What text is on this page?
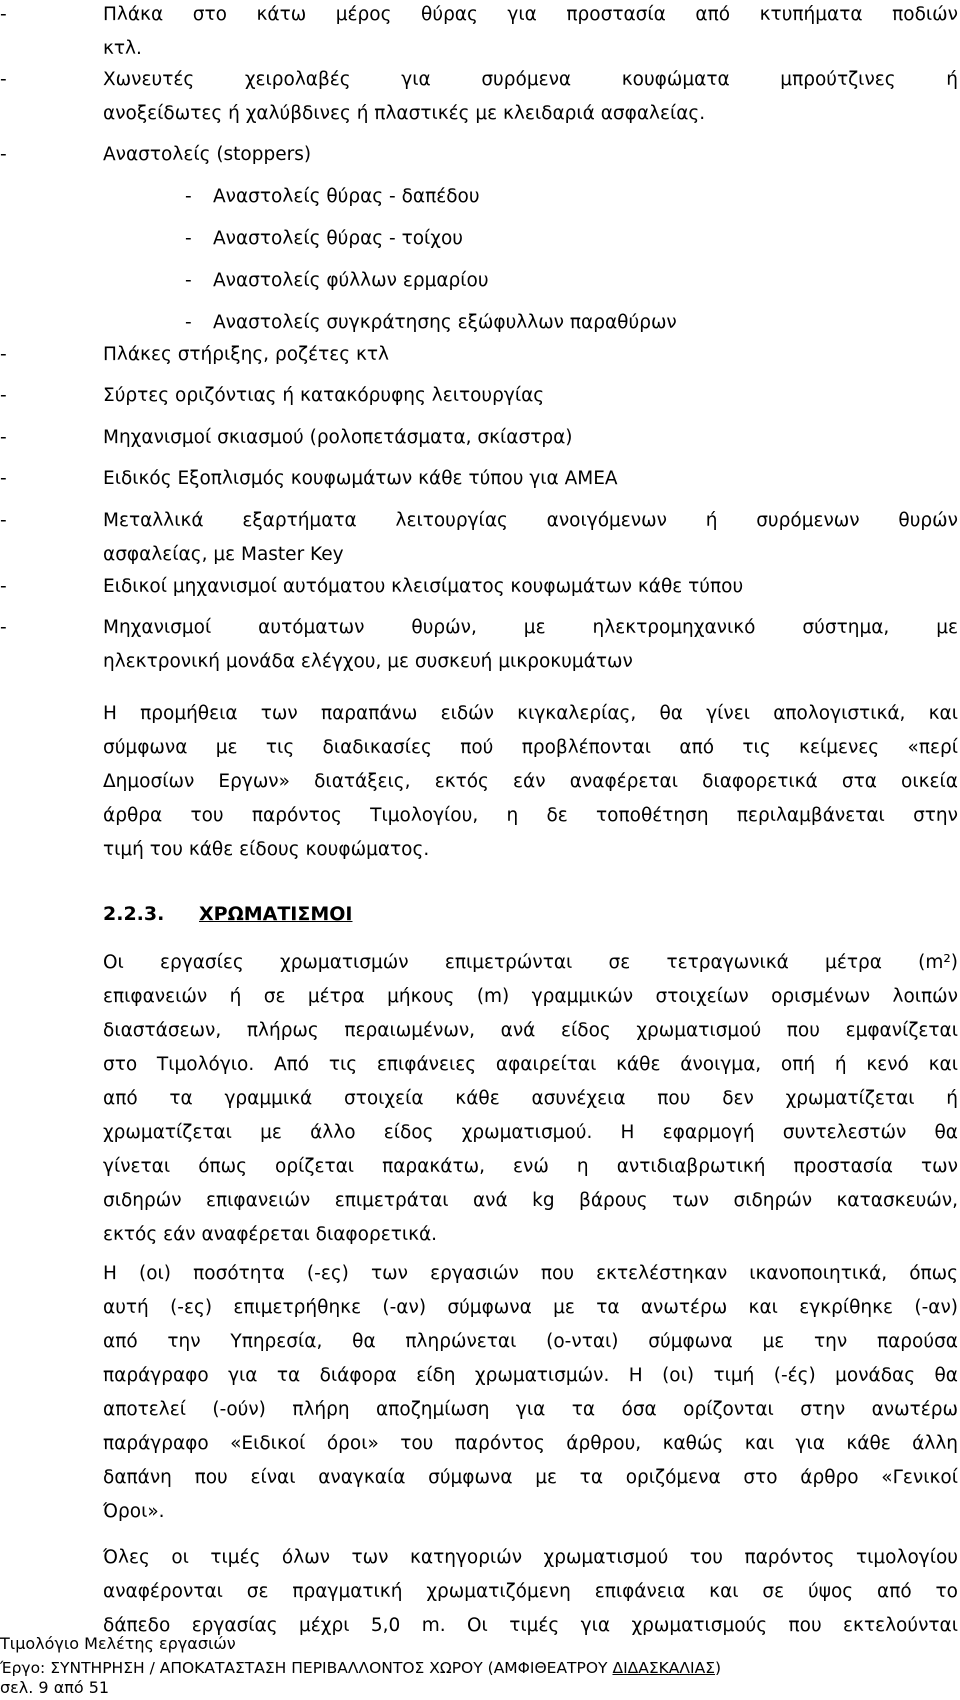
-	Πλάκα στο κάτω μέρος θύρας για προστασία από κτυπήματα ποδιών
κτλ.
-	Χωνευτές χειρολαβές για συρόμενα κουφώματα μπρούτζινες ή
ανοξείδωτες ή χαλύβδινες ή πλαστικές με κλειδαριά ασφαλείας.
-	Αναστολείς (stoppers)
- Αναστολείς θύρας - δαπέδου
- Αναστολείς θύρας - τοίχου
- Αναστολείς φύλλων ερμαρίου
- Αναστολείς συγκράτησης εξώφυλλων παραθύρων
-	Πλάκες στήριξης, ροζέτες κτλ
-	Σύρτες οριζόντιας ή κατακόρυφης λειτουργίας
-	Μηχανισμοί σκιασμού (ρολοπετάσματα, σκίαστρα)
-	Ειδικός Εξοπλισμός κουφωμάτων κάθε τύπου για ΑΜΕΑ
-	Μεταλλικά εξαρτήματα λειτουργίας ανοιγόμενων ή συρόμενων θυρών
ασφαλείας, με Master Key
-	Ειδικοί μηχανισμοί αυτόματου κλεισίματος κουφωμάτων κάθε τύπου
-	Μηχανισμοί αυτόματων θυρών, με ηλεκτρομηχανικό σύστημα, με
ηλεκτρονική μονάδα ελέγχου, με συσκευή μικροκυμάτων
Η προμήθεια των παραπάνω ειδών κιγκαλερίας, θα γίνει απολογιστικά, και
σύμφωνα με τις διαδικασίες πού προβλέπονται από τις κείμενες «περί
Δημοσίων Εργων» διατάξεις, εκτός εάν αναφέρεται διαφορετικά στα οικεία
άρθρα του παρόντος Τιμολογίου, η δε τοποθέτηση περιλαμβάνεται στην
τιμή του κάθε είδους κουφώματος.
2.2.3. ΧΡΩΜΑΤΙΣΜΟΙ
Οι εργασίες χρωματισμών επιμετρώνται σε τετραγωνικά μέτρα (m²)
επιφανειών ή σε μέτρα μήκους (m) γραμμικών στοιχείων ορισμένων λοιπών
διαστάσεων, πλήρως περαιωμένων, ανά είδος χρωματισμού που εμφανίζεται
στο Τιμολόγιο. Από τις επιφάνειες αφαιρείται κάθε άνοιγμα, οπή ή κενό και
από τα γραμμικά στοιχεία κάθε ασυνέχεια που δεν χρωματίζεται ή
χρωματίζεται με άλλο είδος χρωματισμού. Η εφαρμογή συντελεστών θα
γίνεται όπως ορίζεται παρακάτω, ενώ η αντιδιαβρωτική προστασία των
σιδηρών επιφανειών επιμετράται ανά kg βάρους των σιδηρών κατασκευών,
εκτός εάν αναφέρεται διαφορετικά.
Η (οι) ποσότητα (-ες) των εργασιών που εκτελέστηκαν ικανοποιητικά, όπως
αυτή (-ες) επιμετρήθηκε (-αν) σύμφωνα με τα ανωτέρω και εγκρίθηκε (-αν)
από την Υπηρεσία, θα πληρώνεται (ο-νται) σύμφωνα με την παρούσα
παράγραφο για τα διάφορα είδη χρωματισμών. Η (οι) τιμή (-ές) μονάδας θα
αποτελεί (-ούν) πλήρη αποζημίωση για τα όσα ορίζονται στην ανωτέρω
παράγραφο «Ειδικοί όροι» του παρόντος άρθρου, καθώς και για κάθε άλλη
δαπάνη που είναι αναγκαία σύμφωνα με τα οριζόμενα στο άρθρο «Γενικοί
Όροι».
Όλες οι τιμές όλων των κατηγοριών χρωματισμού του παρόντος τιμολογίου
αναφέρονται σε πραγματική χρωματιζόμενη επιφάνεια και σε ύψος από το
δάπεδο εργασίας μέχρι 5,0 m. Οι τιμές για χρωματισμούς που εκτελούνται
Τιμολόγιο Μελέτης εργασιών
Έργο: ΣΥΝΤΗΡΗΣΗ / ΑΠΟΚΑΤΑΣΤΑΣΗ ΠΕΡΙΒΑΛΛΟΝΤΟΣ ΧΩΡΟΥ (ΑΜΦΙΘΕΑΤΡΟΥ ΔΙΔΑΣΚΑΛΙΑΣ)
σελ. 9 από 51
